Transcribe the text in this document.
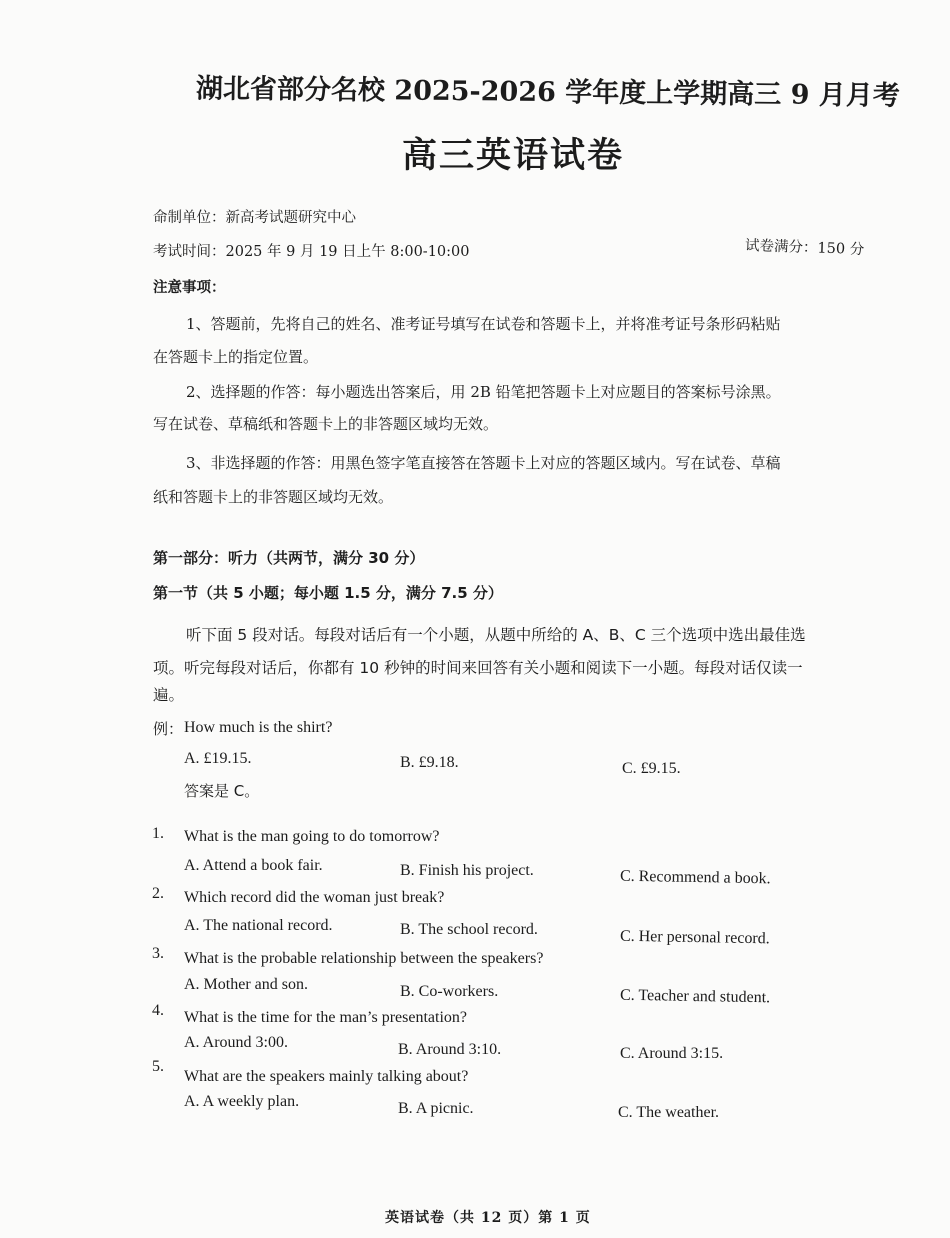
湖北省部分名校 2025-2026 学年度上学期高三 9 月月考
高三英语试卷
命制单位：新高考试题研究中心
考试时间：2025 年 9 月 19 日上午 8:00-10:00	试卷满分：150 分
注意事项：
1、答题前，先将自己的姓名、准考证号填写在试卷和答题卡上，并将准考证号条形码粘贴
在答题卡上的指定位置。
2、选择题的作答：每小题选出答案后，用 2B 铅笔把答题卡上对应题目的答案标号涂黑。
写在试卷、草稿纸和答题卡上的非答题区域均无效。
3、非选择题的作答：用黑色签字笔直接答在答题卡上对应的答题区域内。写在试卷、草稿
纸和答题卡上的非答题区域均无效。
第一部分：听力（共两节，满分 30 分）
第一节（共 5 小题；每小题 1.5 分，满分 7.5 分）
听下面 5 段对话。每段对话后有一个小题，从题中所给的 A、B、C 三个选项中选出最佳选
项。听完每段对话后，你都有 10 秒钟的时间来回答有关小题和阅读下一小题。每段对话仅读一
遍。
例： How much is the shirt?
A. £19.15.	B. £9.18.	C. £9.15.
答案是 C。
1. What is the man going to do tomorrow?
A. Attend a book fair.	B. Finish his project.	C. Recommend a book.
2. Which record did the woman just break?
A. The national record.	B. The school record.	C. Her personal record.
3. What is the probable relationship between the speakers?
A. Mother and son.	B. Co-workers.	C. Teacher and student.
4. What is the time for the man’s presentation?
A. Around 3:00.	B. Around 3:10.	C. Around 3:15.
5.
What are the speakers mainly talking about?
A. A weekly plan.	B. A picnic.	C. The weather.
英语试卷（共 12 页）第 1 页
